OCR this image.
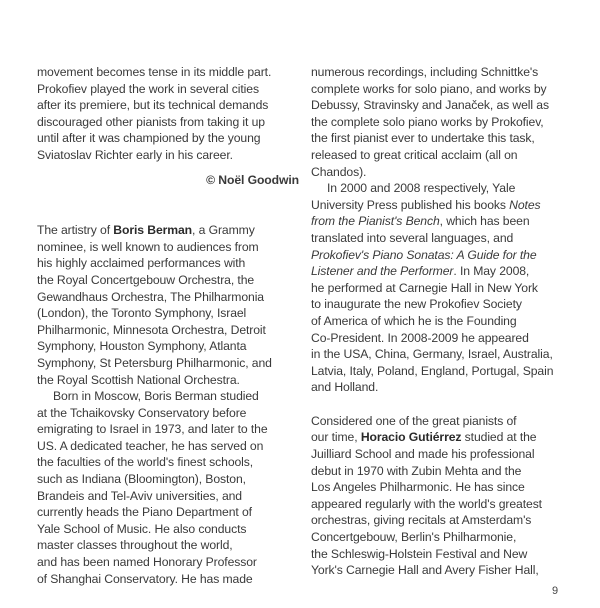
movement becomes tense in its middle part.
Prokofiev played the work in several cities
after its premiere, but its technical demands
discouraged other pianists from taking it up
until after it was championed by the young
Sviatoslav Richter early in his career.

© Noël Goodwin

The artistry of Boris Berman, a Grammy
nominee, is well known to audiences from
his highly acclaimed performances with
the Royal Concertgebouw Orchestra, the
Gewandhaus Orchestra, The Philharmonia
(London), the Toronto Symphony, Israel
Philharmonic, Minnesota Orchestra, Detroit
Symphony, Houston Symphony, Atlanta
Symphony, St Petersburg Philharmonic, and
the Royal Scottish National Orchestra.

Born in Moscow, Boris Berman studied
at the Tchaikovsky Conservatory before
emigrating to Israel in 1973, and later to the
US. A dedicated teacher, he has served on
the faculties of the world's finest schools,
such as Indiana (Bloomington), Boston,
Brandeis and Tel-Aviv universities, and
currently heads the Piano Department of
Yale School of Music. He also conducts
master classes throughout the world,
and has been named Honorary Professor
of Shanghai Conservatory. He has made

numerous recordings, including Schnittke's
complete works for solo piano, and works by
Debussy, Stravinsky and Janaček, as well as
the complete solo piano works by Prokofiev,
the first pianist ever to undertake this task,
released to great critical acclaim (all on
Chandos).

In 2000 and 2008 respectively, Yale
University Press published his books Notes
from the Pianist's Bench, which has been
translated into several languages, and
Prokofiev's Piano Sonatas: A Guide for the
Listener and the Performer. In May 2008,
he performed at Carnegie Hall in New York
to inaugurate the new Prokofiev Society
of America of which he is the Founding
Co-President. In 2008-2009 he appeared
in the USA, China, Germany, Israel, Australia,
Latvia, Italy, Poland, England, Portugal, Spain
and Holland.

Considered one of the great pianists of
our time, Horacio Gutiérrez studied at the
Juilliard School and made his professional
debut in 1970 with Zubin Mehta and the
Los Angeles Philharmonic. He has since
appeared regularly with the world's greatest
orchestras, giving recitals at Amsterdam's
Concertgebouw, Berlin's Philharmonie,
the Schleswig-Holstein Festival and New
York's Carnegie Hall and Avery Fisher Hall,

9
